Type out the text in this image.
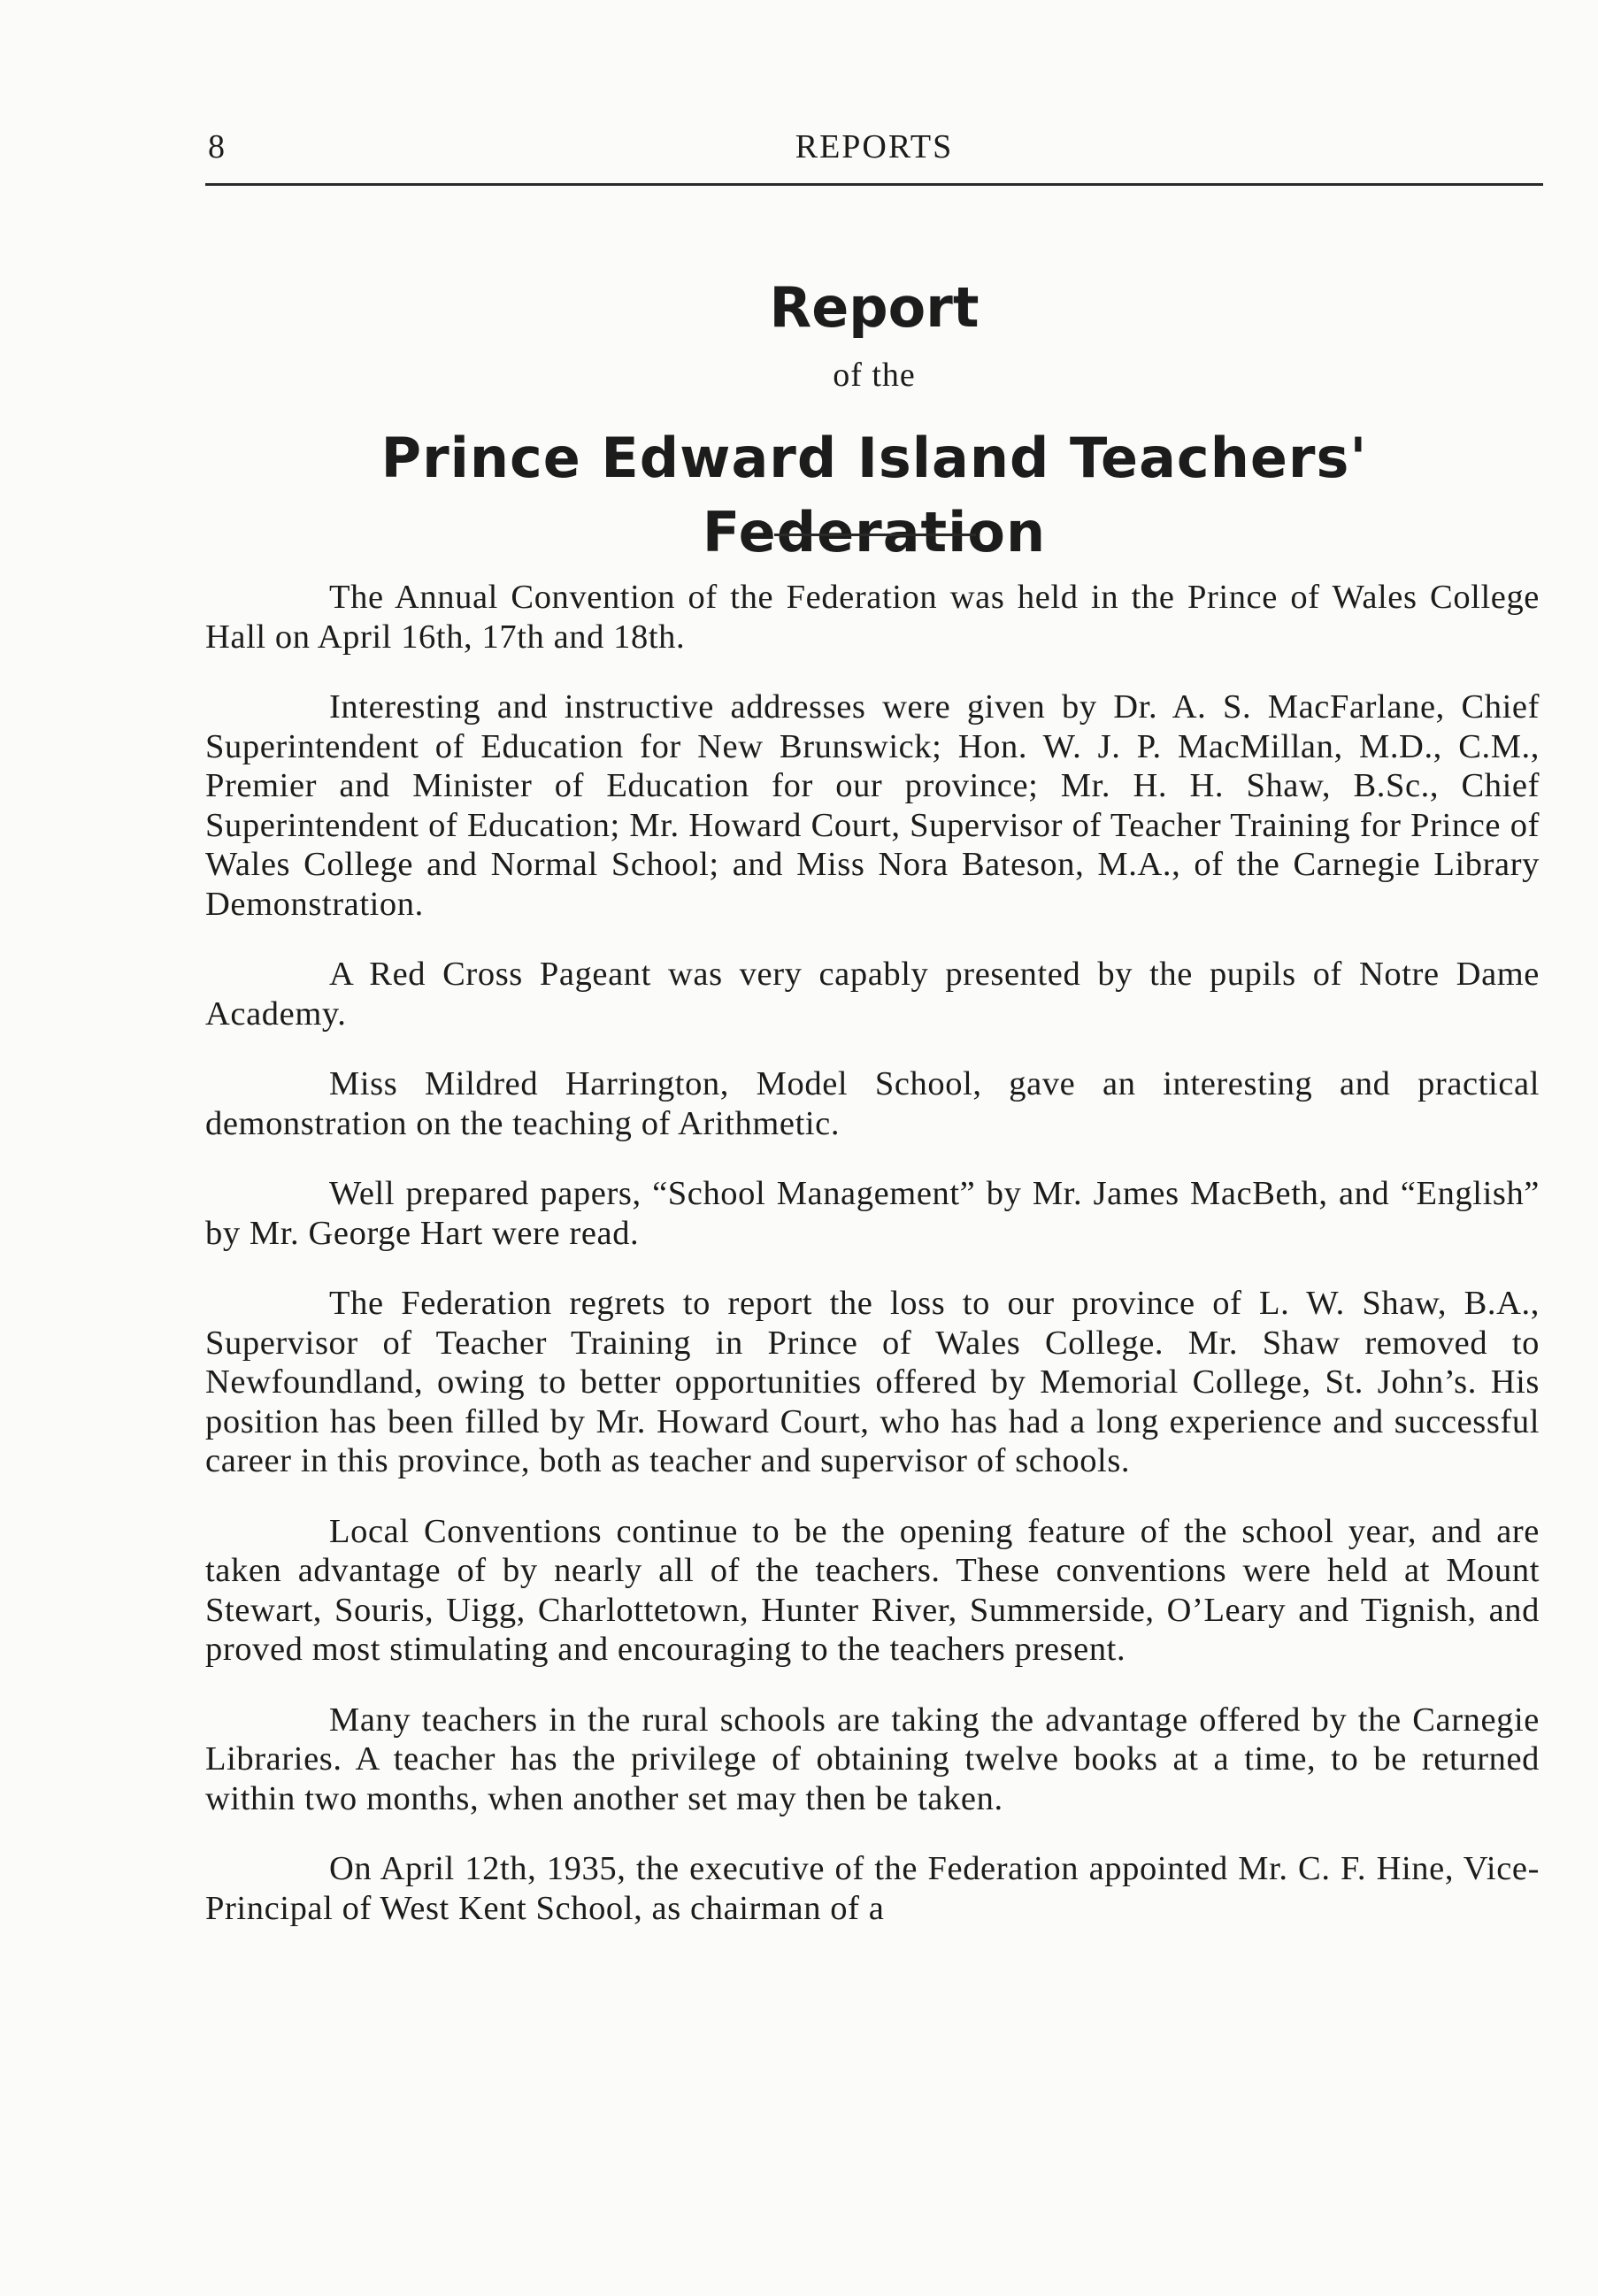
8	REPORTS
Report
of the
Prince Edward Island Teachers' Federation

The Annual Convention of the Federation was held in the Prince of Wales College Hall on April 16th, 17th and 18th.

Interesting and instructive addresses were given by Dr. A. S. MacFarlane, Chief Superintendent of Education for New Brunswick; Hon. W. J. P. MacMillan, M.D., C.M., Premier and Minister of Education for our province; Mr. H. H. Shaw, B.Sc., Chief Superintendent of Education; Mr. Howard Court, Supervisor of Teacher Training for Prince of Wales College and Normal School; and Miss Nora Bateson, M.A., of the Carnegie Library Demonstration.

A Red Cross Pageant was very capably presented by the pupils of Notre Dame Academy.

Miss Mildred Harrington, Model School, gave an interesting and practical demonstration on the teaching of Arithmetic.

Well prepared papers, “School Management” by Mr. James MacBeth, and “English” by Mr. George Hart were read.

The Federation regrets to report the loss to our province of L. W. Shaw, B.A., Supervisor of Teacher Training in Prince of Wales College. Mr. Shaw removed to Newfoundland, owing to better opportunities offered by Memorial College, St. John’s. His position has been filled by Mr. Howard Court, who has had a long experience and successful career in this province, both as teacher and supervisor of schools.

Local Conventions continue to be the opening feature of the school year, and are taken advantage of by nearly all of the teachers. These conventions were held at Mount Stewart, Souris, Uigg, Charlottetown, Hunter River, Summerside, O’Leary and Tignish, and proved most stimulating and encouraging to the teachers present.

Many teachers in the rural schools are taking the advantage offered by the Carnegie Libraries. A teacher has the privilege of obtaining twelve books at a time, to be returned within two months, when another set may then be taken.

On April 12th, 1935, the executive of the Federation appointed Mr. C. F. Hine, Vice-Principal of West Kent School, as chairman of a
